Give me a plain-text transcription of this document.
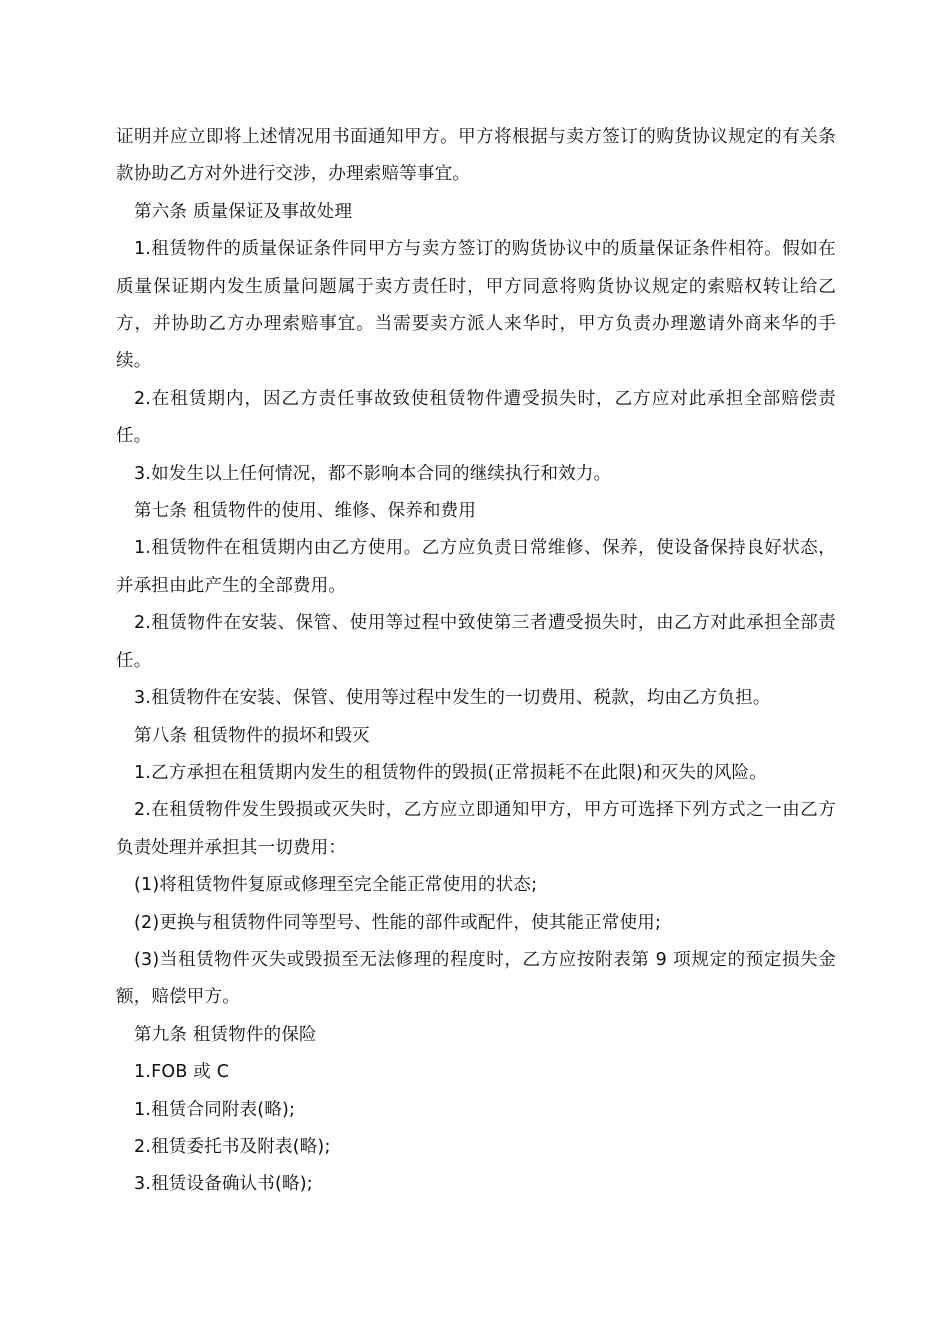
证明并应立即将上述情况用书面通知甲方。甲方将根据与卖方签订的购货协议规定的有关条款协助乙方对外进行交涉，办理索赔等事宜。

第六条 质量保证及事故处理

1.租赁物件的质量保证条件同甲方与卖方签订的购货协议中的质量保证条件相符。假如在质量保证期内发生质量问题属于卖方责任时，甲方同意将购货协议规定的索赔权转让给乙方，并协助乙方办理索赔事宜。当需要卖方派人来华时，甲方负责办理邀请外商来华的手续。

2.在租赁期内，因乙方责任事故致使租赁物件遭受损失时，乙方应对此承担全部赔偿责任。

3.如发生以上任何情况，都不影响本合同的继续执行和效力。

第七条 租赁物件的使用、维修、保养和费用

1.租赁物件在租赁期内由乙方使用。乙方应负责日常维修、保养，使设备保持良好状态，并承担由此产生的全部费用。

2.租赁物件在安装、保管、使用等过程中致使第三者遭受损失时，由乙方对此承担全部责任。

3.租赁物件在安装、保管、使用等过程中发生的一切费用、税款，均由乙方负担。

第八条 租赁物件的损坏和毁灭

1.乙方承担在租赁期内发生的租赁物件的毁损(正常损耗不在此限)和灭失的风险。

2.在租赁物件发生毁损或灭失时，乙方应立即通知甲方，甲方可选择下列方式之一由乙方负责处理并承担其一切费用：

(1)将租赁物件复原或修理至完全能正常使用的状态;

(2)更换与租赁物件同等型号、性能的部件或配件，使其能正常使用;

(3)当租赁物件灭失或毁损至无法修理的程度时，乙方应按附表第 9 项规定的预定损失金额，赔偿甲方。

第九条 租赁物件的保险

1.FOB 或 C

1.租赁合同附表(略);

2.租赁委托书及附表(略);

3.租赁设备确认书(略);
